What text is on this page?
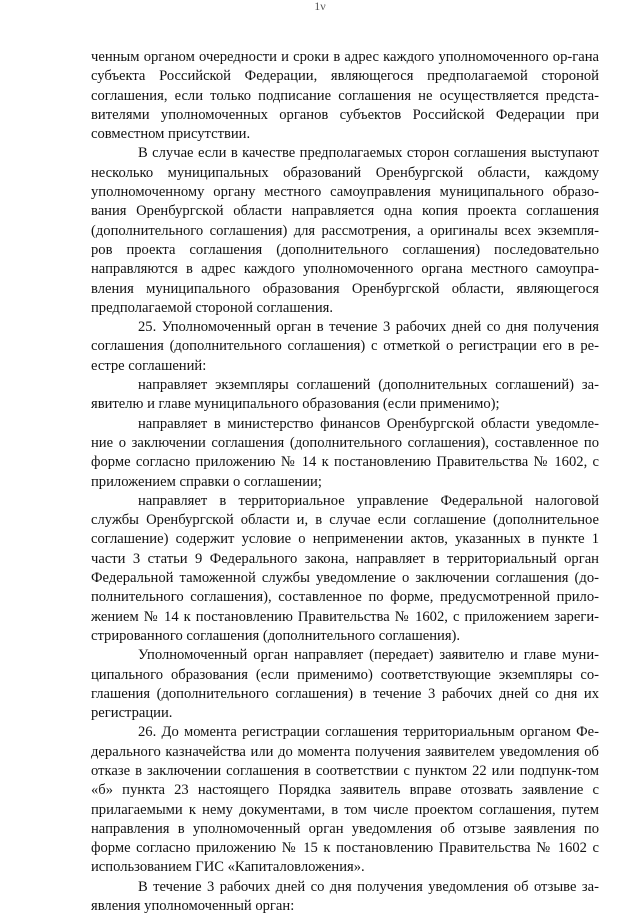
1ν

ченным органом очередности и сроки в адрес каждого уполномоченного ор-гана субъекта Российской Федерации, являющегося предполагаемой стороной соглашения, если только подписание соглашения не осуществляется предста-вителями уполномоченных органов субъектов Российской Федерации при совместном присутствии.

В случае если в качестве предполагаемых сторон соглашения выступают несколько муниципальных образований Оренбургской области, каждому уполномоченному органу местного самоуправления муниципального образо-вания Оренбургской области направляется одна копия проекта соглашения (дополнительного соглашения) для рассмотрения, а оригиналы всех экземпля-ров проекта соглашения (дополнительного соглашения) последовательно направляются в адрес каждого уполномоченного органа местного самоупра-вления муниципального образования Оренбургской области, являющегося предполагаемой стороной соглашения.

25. Уполномоченный орган в течение 3 рабочих дней со дня получения соглашения (дополнительного соглашения) с отметкой о регистрации его в ре-естре соглашений:

направляет экземпляры соглашений (дополнительных соглашений) за-явителю и главе муниципального образования (если применимо);

направляет в министерство финансов Оренбургской области уведомле-ние о заключении соглашения (дополнительного соглашения), составленное по форме согласно приложению № 14 к постановлению Правительства № 1602, с приложением справки о соглашении;

направляет в территориальное управление Федеральной налоговой службы Оренбургской области и, в случае если соглашение (дополнительное соглашение) содержит условие о неприменении актов, указанных в пункте 1 части 3 статьи 9 Федерального закона, направляет в территориальный орган Федеральной таможенной службы уведомление о заключении соглашения (до-полнительного соглашения), составленное по форме, предусмотренной прило-жением № 14 к постановлению Правительства № 1602, с приложением зареги-стрированного соглашения (дополнительного соглашения).

Уполномоченный орган направляет (передает) заявителю и главе муни-ципального образования (если применимо) соответствующие экземпляры со-глашения (дополнительного соглашения) в течение 3 рабочих дней со дня их регистрации.

26. До момента регистрации соглашения территориальным органом Фе-дерального казначейства или до момента получения заявителем уведомления об отказе в заключении соглашения в соответствии с пунктом 22 или подпунк-том «б» пункта 23 настоящего Порядка заявитель вправе отозвать заявление с прилагаемыми к нему документами, в том числе проектом соглашения, путем направления в уполномоченный орган уведомления об отзыве заявления по форме согласно приложению № 15 к постановлению Правительства № 1602 с использованием ГИС «Капиталовложения».

В течение 3 рабочих дней со дня получения уведомления об отзыве за-явления уполномоченный орган:
